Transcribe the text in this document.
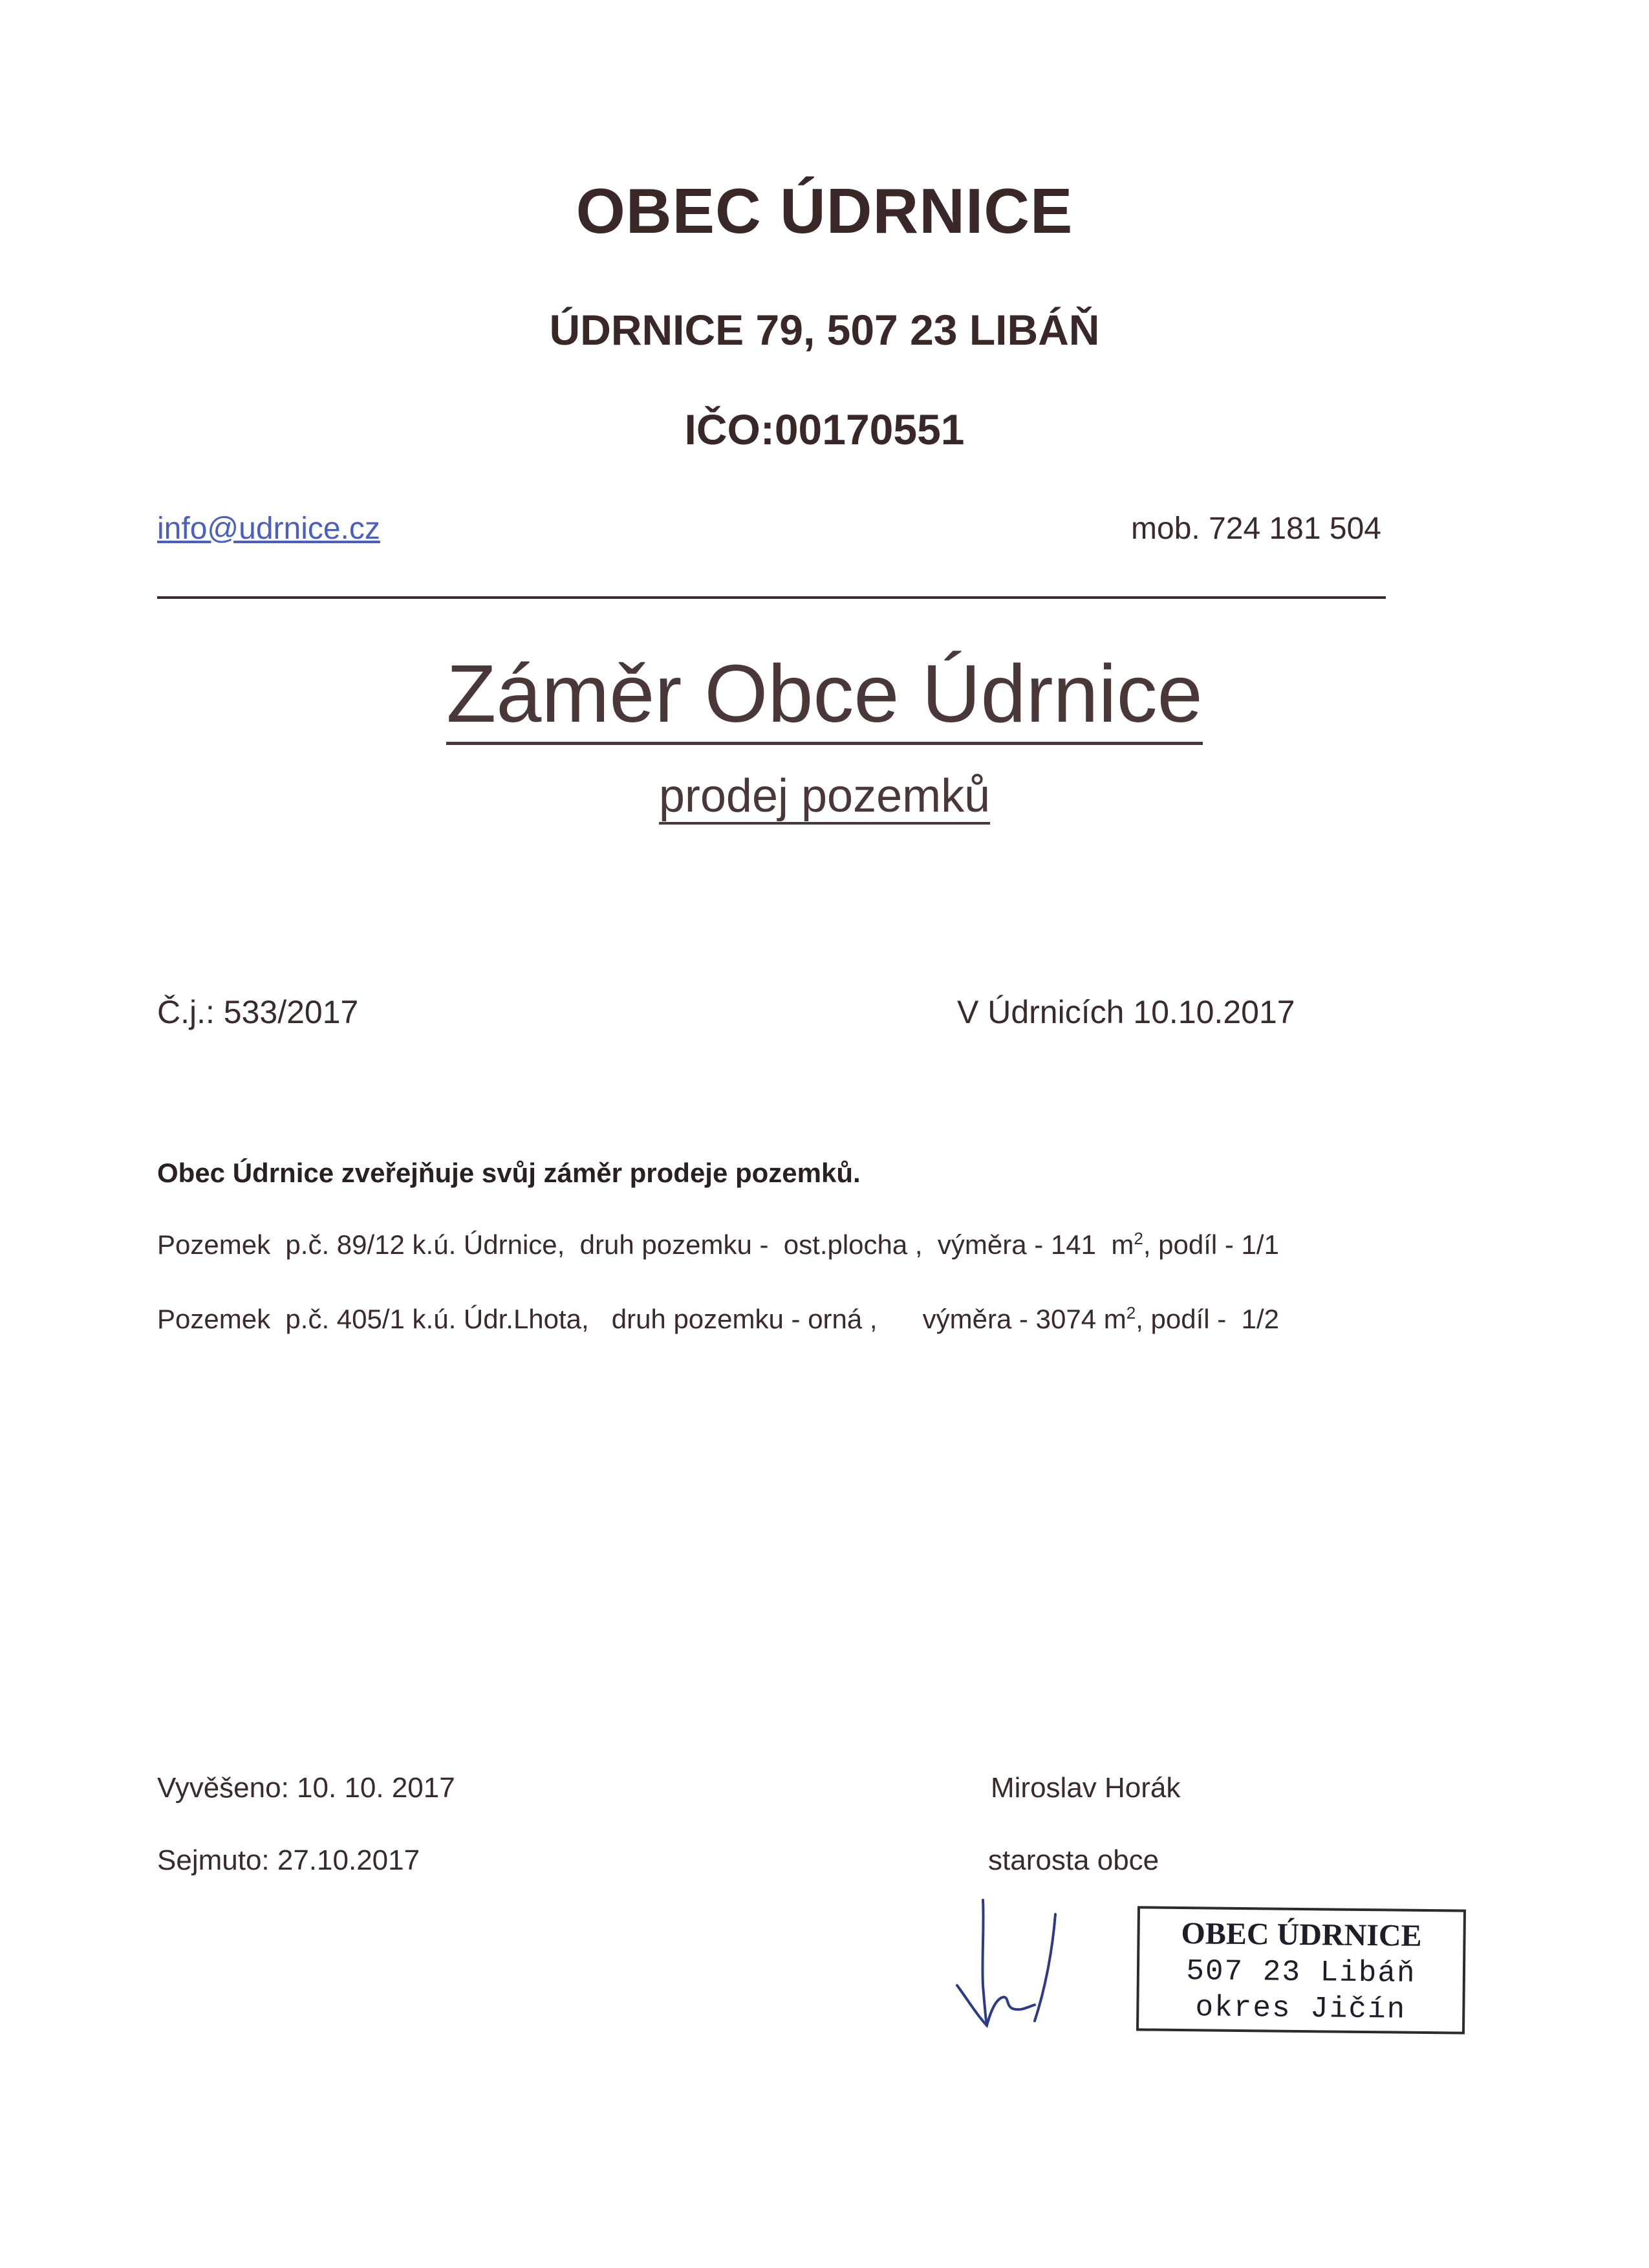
OBEC ÚDRNICE
ÚDRNICE 79, 507 23 LIBÁŇ
IČO:00170551
info@udrnice.cz	mob. 724 181 504
Záměr Obce Údrnice
prodej pozemků
Č.j.: 533/2017	V Údrnicích 10.10.2017
Obec Údrnice zveřejňuje svůj záměr prodeje pozemků.
Pozemek  p.č. 89/12 k.ú. Údrnice,  druh pozemku -  ost.plocha ,  výměra - 141  $m^2$, podíl - 1/1
Pozemek  p.č. 405/1 k.ú. Údr.Lhota,   druh pozemku - orná ,      výměra - 3074 $m^2$, podíl -  1/2
Vyvěšeno: 10. 10. 2017
Sejmuto: 27.10.2017
Miroslav Horák
starosta obce
OBEC ÚDRNICE
507 23 Libáň
okres Jičín
